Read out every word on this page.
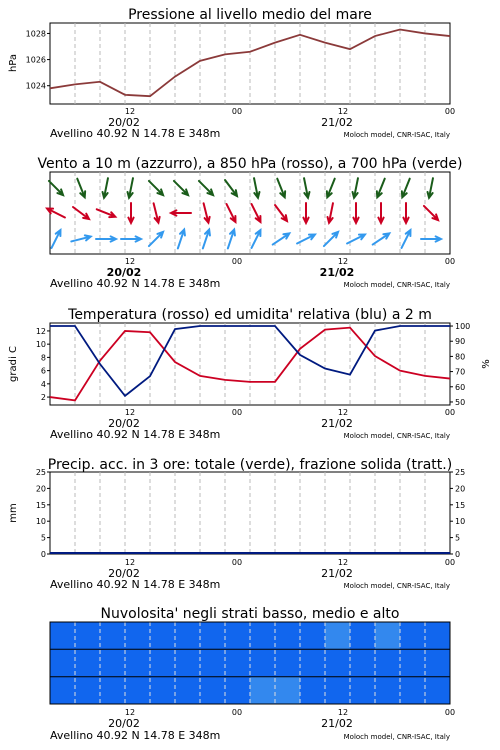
Pressione al livello medio del mare
1024
1026
1028
hPa
12	00	12	00
20/02	21/02
Avellino 40.92 N 14.78 E 348m	Moloch model, CNR-ISAC, Italy
Vento a 10 m (azzurro), a 850 hPa (rosso), a 700 hPa (verde)
12	00	12	00
20/02	21/02
Avellino 40.92 N 14.78 E 348m	Moloch model, CNR-ISAC, Italy
Temperatura (rosso) ed umidita' relativa (blu) a 2 m
2
4
6
8
10
12
50
60
70
80
90
100
gradi C	%
12	00	12	00
20/02	21/02
Avellino 40.92 N 14.78 E 348m	Moloch model, CNR-ISAC, Italy
Precip. acc. in 3 ore: totale (verde), frazione solida (tratt.)
0
5
10
15
20
25
0
5
10
15
20
25
mm
12	00	12	00
20/02	21/02
Avellino 40.92 N 14.78 E 348m	Moloch model, CNR-ISAC, Italy
Nuvolosita' negli strati basso, medio e alto
12	00	12	00
20/02	21/02
Avellino 40.92 N 14.78 E 348m	Moloch model, CNR-ISAC, Italy
